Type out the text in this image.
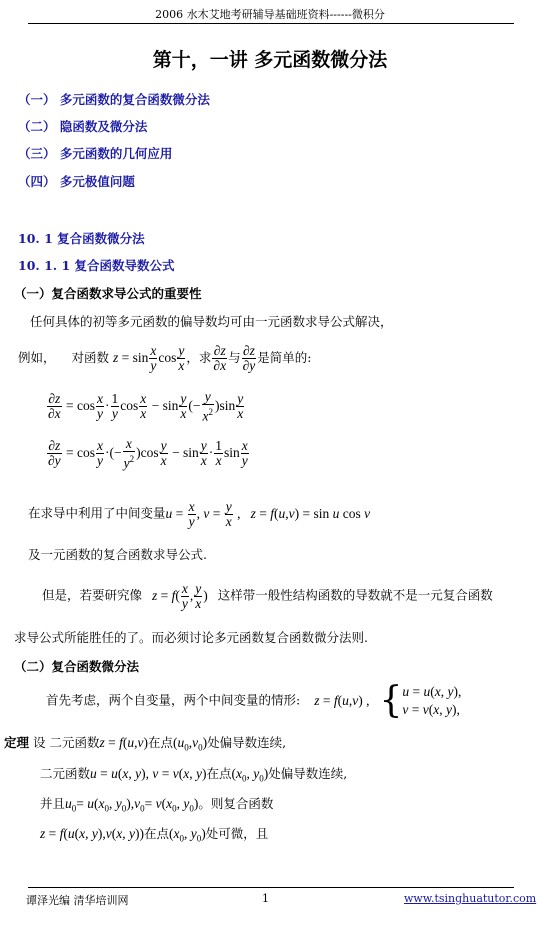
2006 水木艾地考研辅导基础班资料------微积分
第十，一讲 多元函数微分法
（一） 多元函数的复合函数微分法
（二） 隐函数及微分法
（三） 多元函数的几何应用
（四） 多元极值问题
10. 1 复合函数微分法
10. 1. 1 复合函数导数公式
（一）复合函数求导公式的重要性
任何具体的初等多元函数的偏导数均可由一元函数求导公式解决，
例如， 对函数 $z = \sin \frac{x}{y}$ $\cos \frac{y}{x}$ ，求 $\frac{\partial z}{\partial x}$ 与 $\frac{\partial z}{\partial y}$ 是简单的:
$\frac{\partial z}{\partial x} = \cos \frac{x}{y} \cdot \frac{1}{y}$ $\cos \frac{x}{x} - \sin \frac{y}{x}$ (− $\frac{y}{x^2} )\sin \frac{y}{x}$
$\frac{\partial z}{\partial y} = \cos \frac{x}{y}$ ·(− $\frac{x}{y^2} )\cos \frac{y}{x} - \sin \frac{y}{x} \cdot \frac{1}{x}$ $\sin \frac{x}{y}$
在求导中利用了中间变量$u = \frac{x}{y}$ , $v = \frac{y}{x}$ ,   z = f(u,v) = sin u cos v
及一元函数的复合函数求导公式.
但是，若要研究像 $z = f( \frac{x}{y}$ , $\frac{y}{x}$ ) 这样带一般性结构函数的导数就不是一元复合函数
求导公式所能胜任的了。而必须讨论多元函数复合函数微分法则.
（二）复合函数微分法
首先考虑，两个自变量，两个中间变量的情形: z = f(u,v) , { u = u(x, y),
v = v(x, y),
定理 设 二元函数z = f(u,v)在点$(u_0,v_0)$处偏导数连续,
二元函数u = u(x, y), v = v(x, y)在点($x_0$, $y_0$)处偏导数连续,
并且$u_0= u(x_0$, $y_0),v_0= v(x_0$, $y_0$)。则复合函数
z = f(u(x, y),v(x, y))在点($x_0$, $y_0$)处可微，且
谭泽光编 清华培训网	1	www.tsinghuatutor.com
